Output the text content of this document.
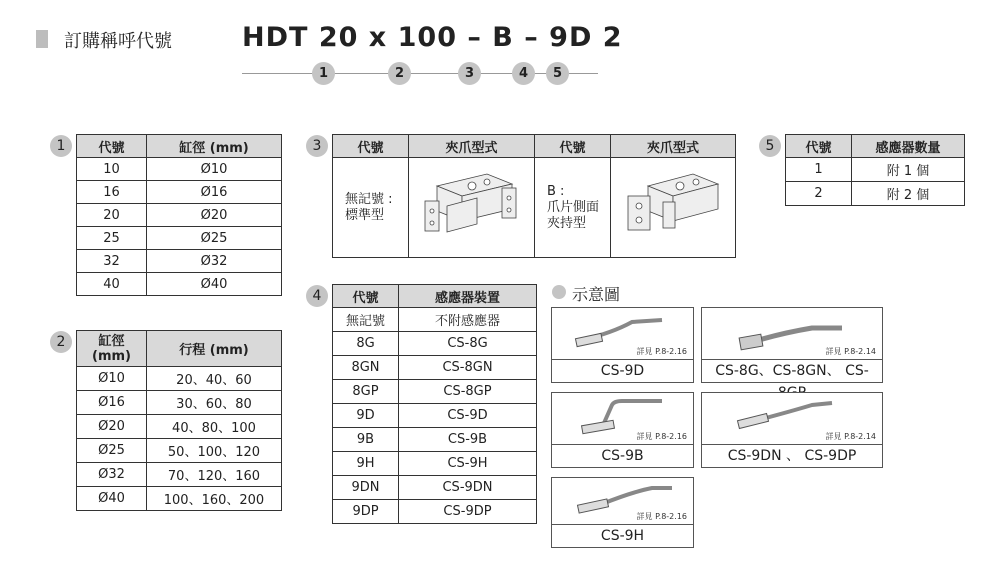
訂購稱呼代號	HDT 20 x 100 – B – 9D 2
1	2	3	4	5
1	代號	缸徑 (mm)
10	Ø10
16	Ø16
20	Ø20
25	Ø25
32	Ø32
40	Ø40
2	缸徑
(mm)	行程 (mm)
Ø10	20、40、60
Ø16	30、60、80
Ø20	40、80、100
Ø25	50、100、120
Ø32	70、120、160
Ø40	100、160、200
3	代號	夾爪型式	代號	夾爪型式
無記號 :
標準型		B :
爪片側面
夾持型	
4	代號	感應器裝置
無記號	不附感應器
8G	CS-8G
8GN	CS-8GN
8GP	CS-8GP
9D	CS-9D
9B	CS-9B
9H	CS-9H
9DN	CS-9DN
9DP	CS-9DP
5	代號	感應器數量
1	附 1 個
2	附 2 個
示意圖
詳見 P.8-2.16
CS-9D
詳見 P.8-2.14
CS-8G、CS-8GN、 CS-
詳見 P.8-2.16
CS-9B
詳見 P.8-2.14
CS-9DN 、 CS-9DP
詳見 P.8-2.16
CS-9H
